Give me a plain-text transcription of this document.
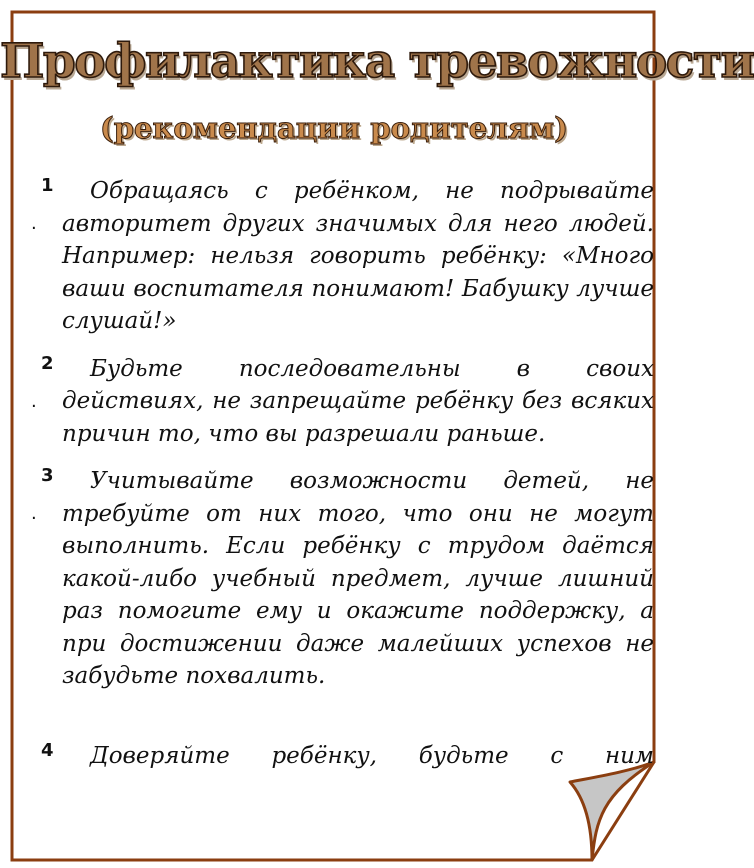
Профилактика тревожности
(рекомендации родителям)
1
.
Обращаясь с ребёнком, не подрывайте авторитет других значимых для него людей. Например: нельзя говорить ребёнку: «Много ваши воспитателя понимают! Бабушку лучше слушай!»
2
.
Будьте последовательны в своих действиях, не запрещайте ребёнку без всяких причин то, что вы разрешали раньше.
3
.
Учитывайте возможности детей, не требуйте от них того, что они не могут выполнить. Если ребёнку с трудом даётся какой-либо учебный предмет, лучше лишний раз помогите ему и окажите поддержку, а при достижении даже малейших успехов не забудьте похвалить.
4	Доверяйте ребёнку, будьте с ним
